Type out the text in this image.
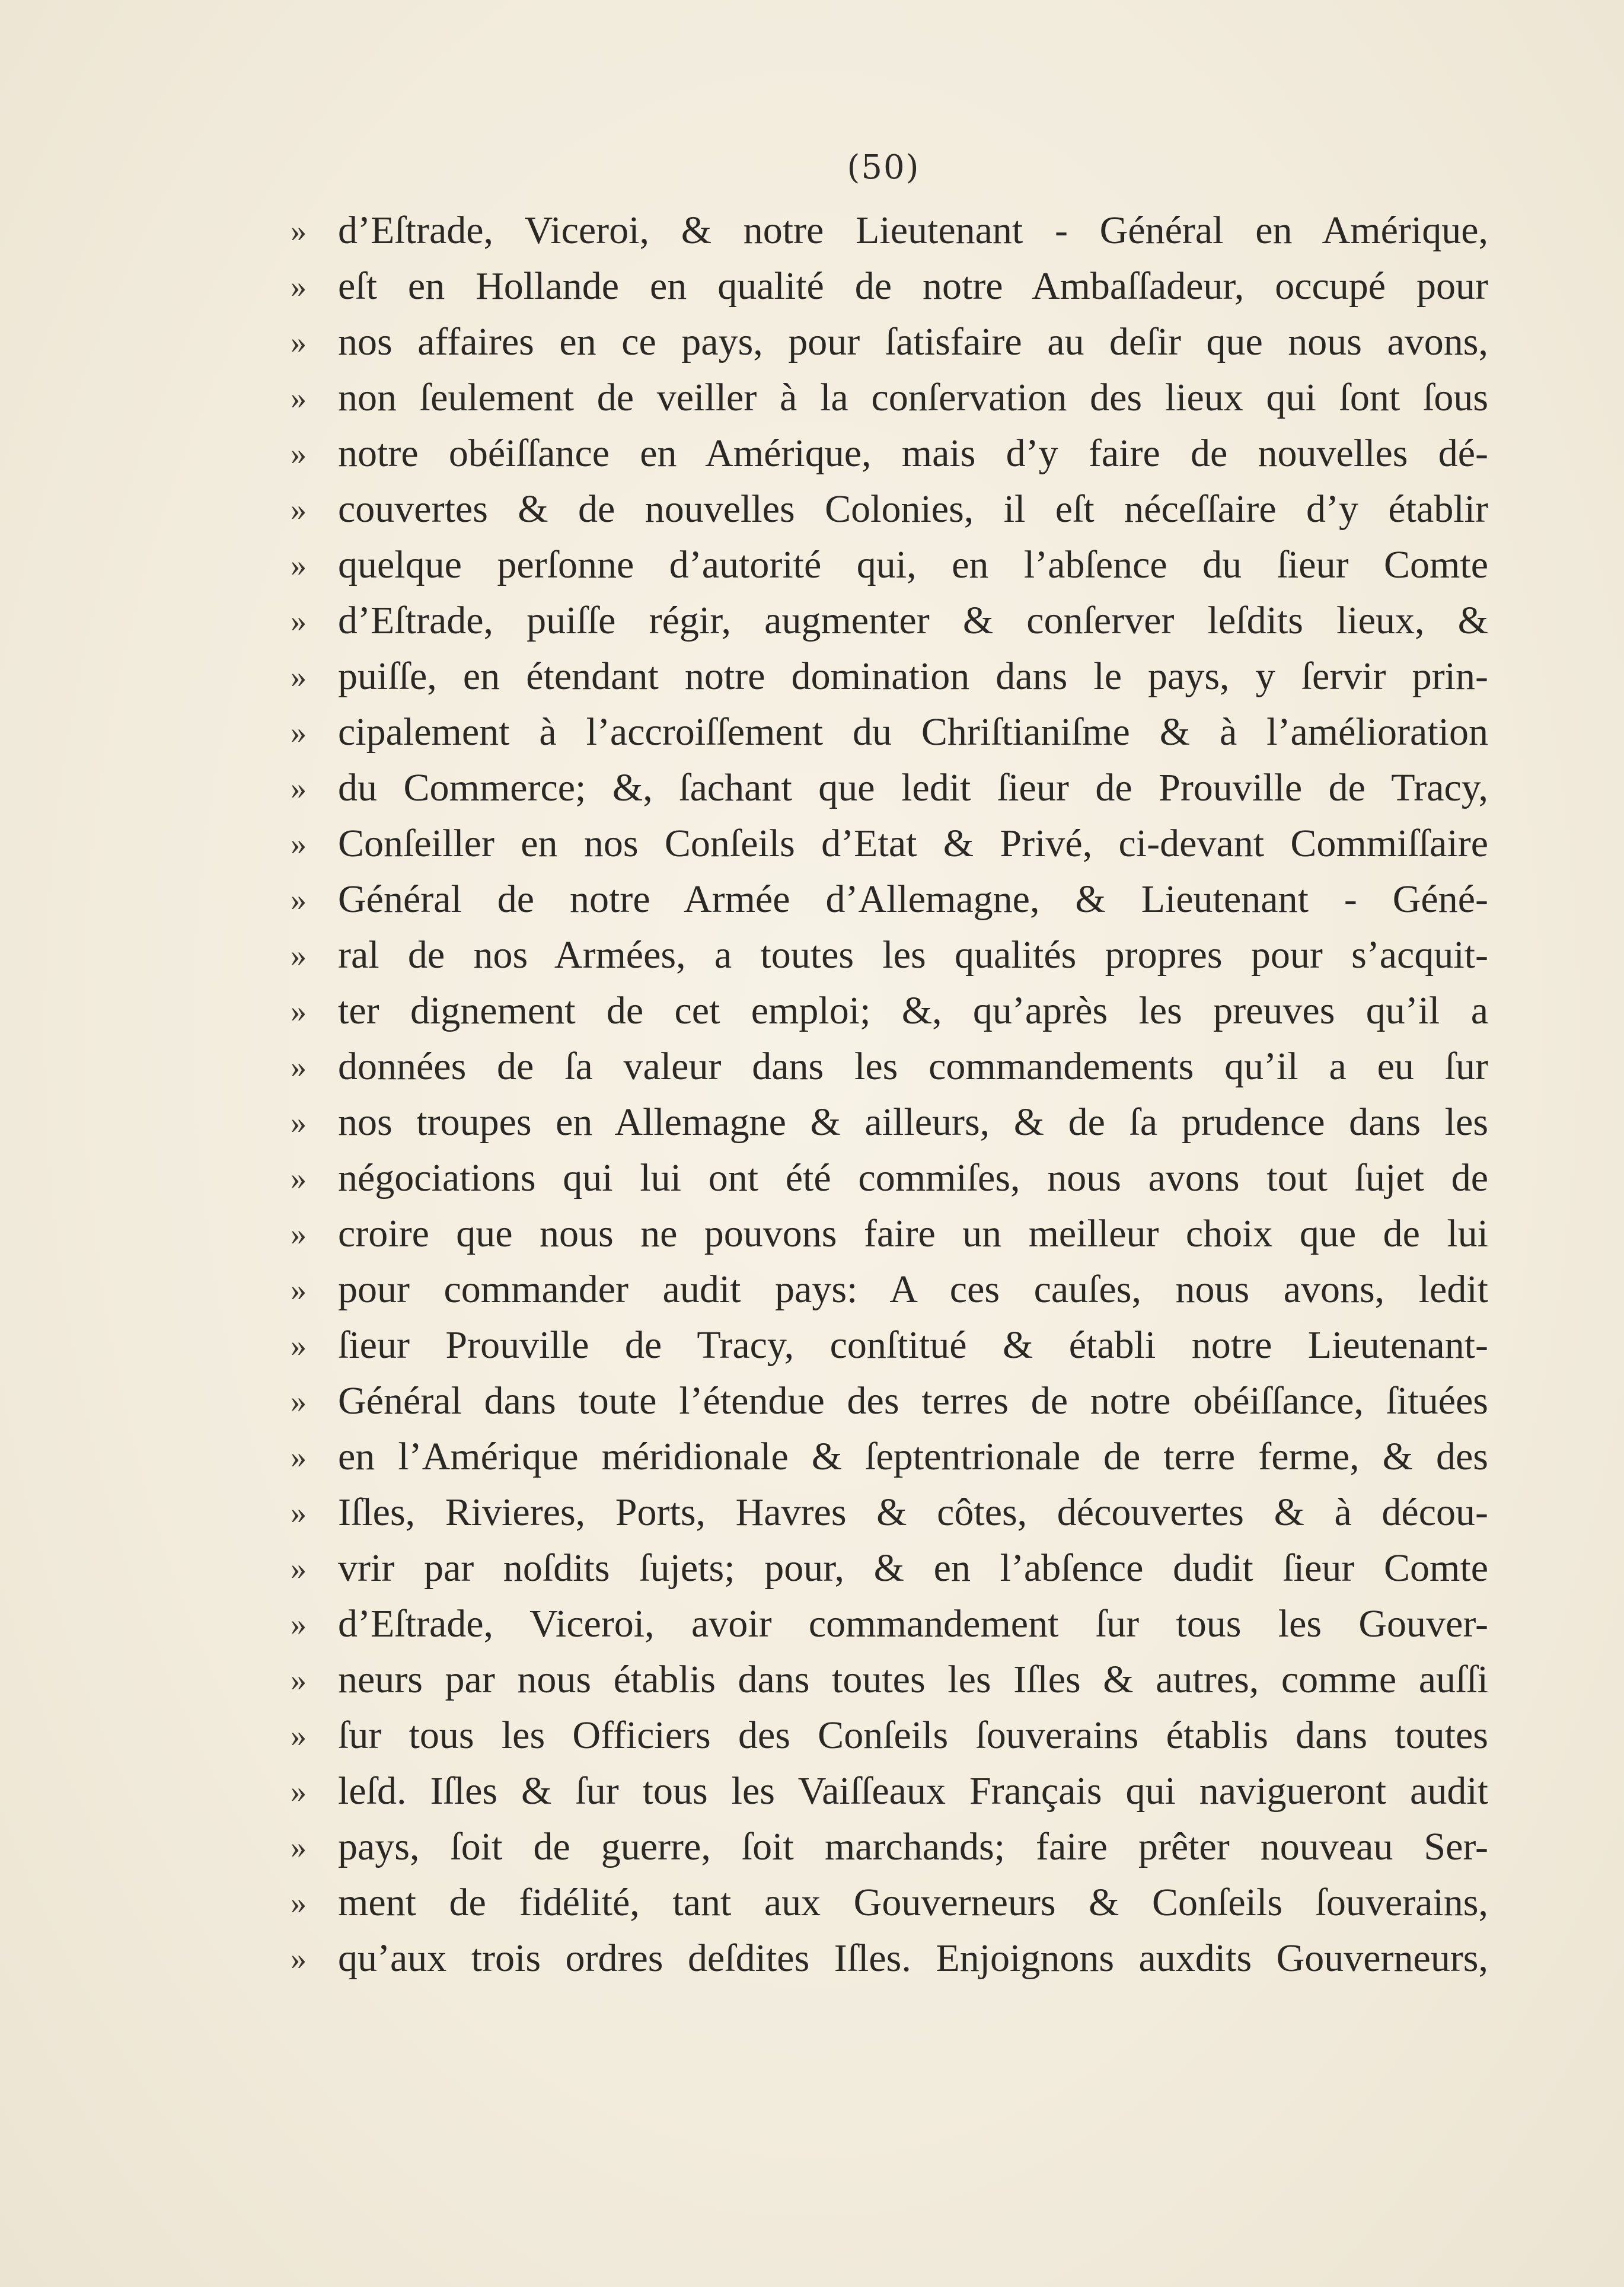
(50)
» d’Eſtrade, Viceroi, & notre Lieutenant - Général en Amérique,
» eſt en Hollande en qualité de notre Ambaſſadeur, occupé pour
» nos affaires en ce pays, pour ſatisfaire au deſir que nous avons,
» non ſeulement de veiller à la conſervation des lieux qui ſont ſous
» notre obéiſſance en Amérique, mais d’y faire de nouvelles dé-
» couvertes & de nouvelles Colonies, il eſt néceſſaire d’y établir
» quelque perſonne d’autorité qui, en l’abſence du ſieur Comte
» d’Eſtrade, puiſſe régir, augmenter & conſerver leſdits lieux, &
» puiſſe, en étendant notre domination dans le pays, y ſervir prin-
» cipalement à l’accroiſſement du Chriſtianiſme & à l’amélioration
» du Commerce; &, ſachant que ledit ſieur de Prouville de Tracy,
» Conſeiller en nos Conſeils d’Etat & Privé, ci-devant Commiſſaire
» Général de notre Armée d’Allemagne, & Lieutenant - Géné-
» ral de nos Armées, a toutes les qualités propres pour s’acquit-
» ter dignement de cet emploi; &, qu’après les preuves qu’il a
» données de ſa valeur dans les commandements qu’il a eu ſur
» nos troupes en Allemagne & ailleurs, & de ſa prudence dans les
» négociations qui lui ont été commiſes, nous avons tout ſujet de
» croire que nous ne pouvons faire un meilleur choix que de lui
» pour commander audit pays: A ces cauſes, nous avons, ledit
» ſieur Prouville de Tracy, conſtitué & établi notre Lieutenant-
» Général dans toute l’étendue des terres de notre obéiſſance, ſituées
» en l’Amérique méridionale & ſeptentrionale de terre ferme, & des
» Iſles, Rivieres, Ports, Havres & côtes, découvertes & à décou-
» vrir par noſdits ſujets; pour, & en l’abſence dudit ſieur Comte
» d’Eſtrade, Viceroi, avoir commandement ſur tous les Gouver-
» neurs par nous établis dans toutes les Iſles & autres, comme auſſi
» ſur tous les Officiers des Conſeils ſouverains établis dans toutes
» leſd. Iſles & ſur tous les Vaiſſeaux Français qui navigueront audit
» pays, ſoit de guerre, ſoit marchands; faire prêter nouveau Ser-
» ment de fidélité, tant aux Gouverneurs & Conſeils ſouverains,
» qu’aux trois ordres deſdites Iſles. Enjoignons auxdits Gouverneurs,
